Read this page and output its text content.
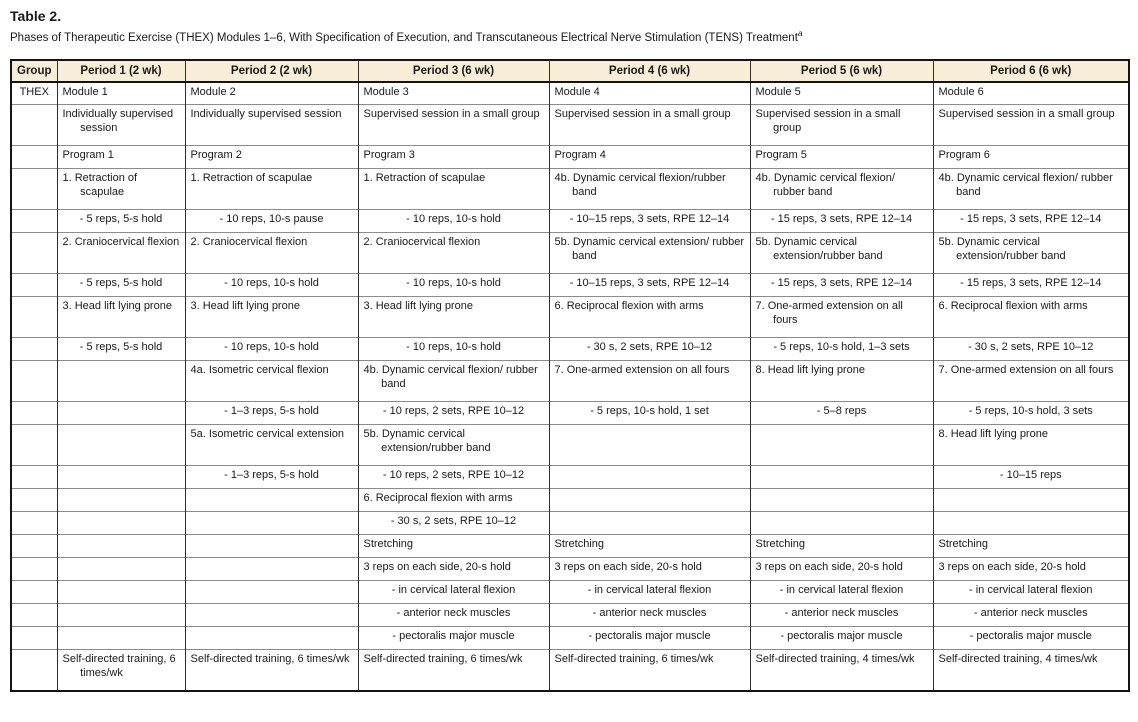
Table 2.

Phases of Therapeutic Exercise (THEX) Modules 1–6, With Specification of Execution, and Transcutaneous Electrical Nerve Stimulation (TENS) Treatment$^a$

Group	Period 1 (2 wk)	Period 2 (2 wk)	Period 3 (6 wk)	Period 4 (6 wk)	Period 5 (6 wk)	Period 6 (6 wk)
THEX	Module 1	Module 2	Module 3	Module 4	Module 5	Module 6

	Individually supervised session	Individually supervised session	Supervised session in a small group	Supervised session in a small group	Supervised session in a small group	Supervised session in a small group

	Program 1	Program 2	Program 3	Program 4	Program 5	Program 6

	1. Retraction of scapulae	1. Retraction of scapulae	1. Retraction of scapulae	4b. Dynamic cervical flexion/rubber band	4b. Dynamic cervical flexion/ rubber band	4b. Dynamic cervical flexion/ rubber band

	- 5 reps, 5-s hold	- 10 reps, 10-s pause	- 10 reps, 10-s hold	- 10–15 reps, 3 sets, RPE 12–14	- 15 reps, 3 sets, RPE 12–14	- 15 reps, 3 sets, RPE 12–14

	2. Craniocervical flexion	2. Craniocervical flexion	2. Craniocervical flexion	5b. Dynamic cervical extension/ rubber band	5b. Dynamic cervical extension/rubber band	5b. Dynamic cervical extension/rubber band

	- 5 reps, 5-s hold	- 10 reps, 10-s hold	- 10 reps, 10-s hold	- 10–15 reps, 3 sets, RPE 12–14	- 15 reps, 3 sets, RPE 12–14	- 15 reps, 3 sets, RPE 12–14

	3. Head lift lying prone	3. Head lift lying prone	3. Head lift lying prone	6. Reciprocal flexion with arms	7. One-armed extension on all fours	6. Reciprocal flexion with arms

	- 5 reps, 5-s hold	- 10 reps, 10-s hold	- 10 reps, 10-s hold	- 30 s, 2 sets, RPE 10–12	- 5 reps, 10-s hold, 1–3 sets	- 30 s, 2 sets, RPE 10–12

		4a. Isometric cervical flexion	4b. Dynamic cervical flexion/ rubber band	7. One-armed extension on all fours	8. Head lift lying prone	7. One-armed extension on all fours

		- 1–3 reps, 5-s hold	- 10 reps, 2 sets, RPE 10–12	- 5 reps, 10-s hold, 1 set	- 5–8 reps	- 5 reps, 10-s hold, 3 sets

		5a. Isometric cervical extension	5b. Dynamic cervical extension/rubber band			8. Head lift lying prone

		- 1–3 reps, 5-s hold	- 10 reps, 2 sets, RPE 10–12			- 10–15 reps

			6. Reciprocal flexion with arms			

			- 30 s, 2 sets, RPE 10–12			

			Stretching	Stretching	Stretching	Stretching

			3 reps on each side, 20-s hold	3 reps on each side, 20-s hold	3 reps on each side, 20-s hold	3 reps on each side, 20-s hold

			- in cervical lateral flexion	- in cervical lateral flexion	- in cervical lateral flexion	- in cervical lateral flexion
			- anterior neck muscles	- anterior neck muscles	- anterior neck muscles	- anterior neck muscles
			- pectoralis major muscle	- pectoralis major muscle	- pectoralis major muscle	- pectoralis major muscle

	Self-directed training, 6 times/wk	Self-directed training, 6 times/wk	Self-directed training, 6 times/wk	Self-directed training, 6 times/wk	Self-directed training, 4 times/wk	Self-directed training, 4 times/wk
